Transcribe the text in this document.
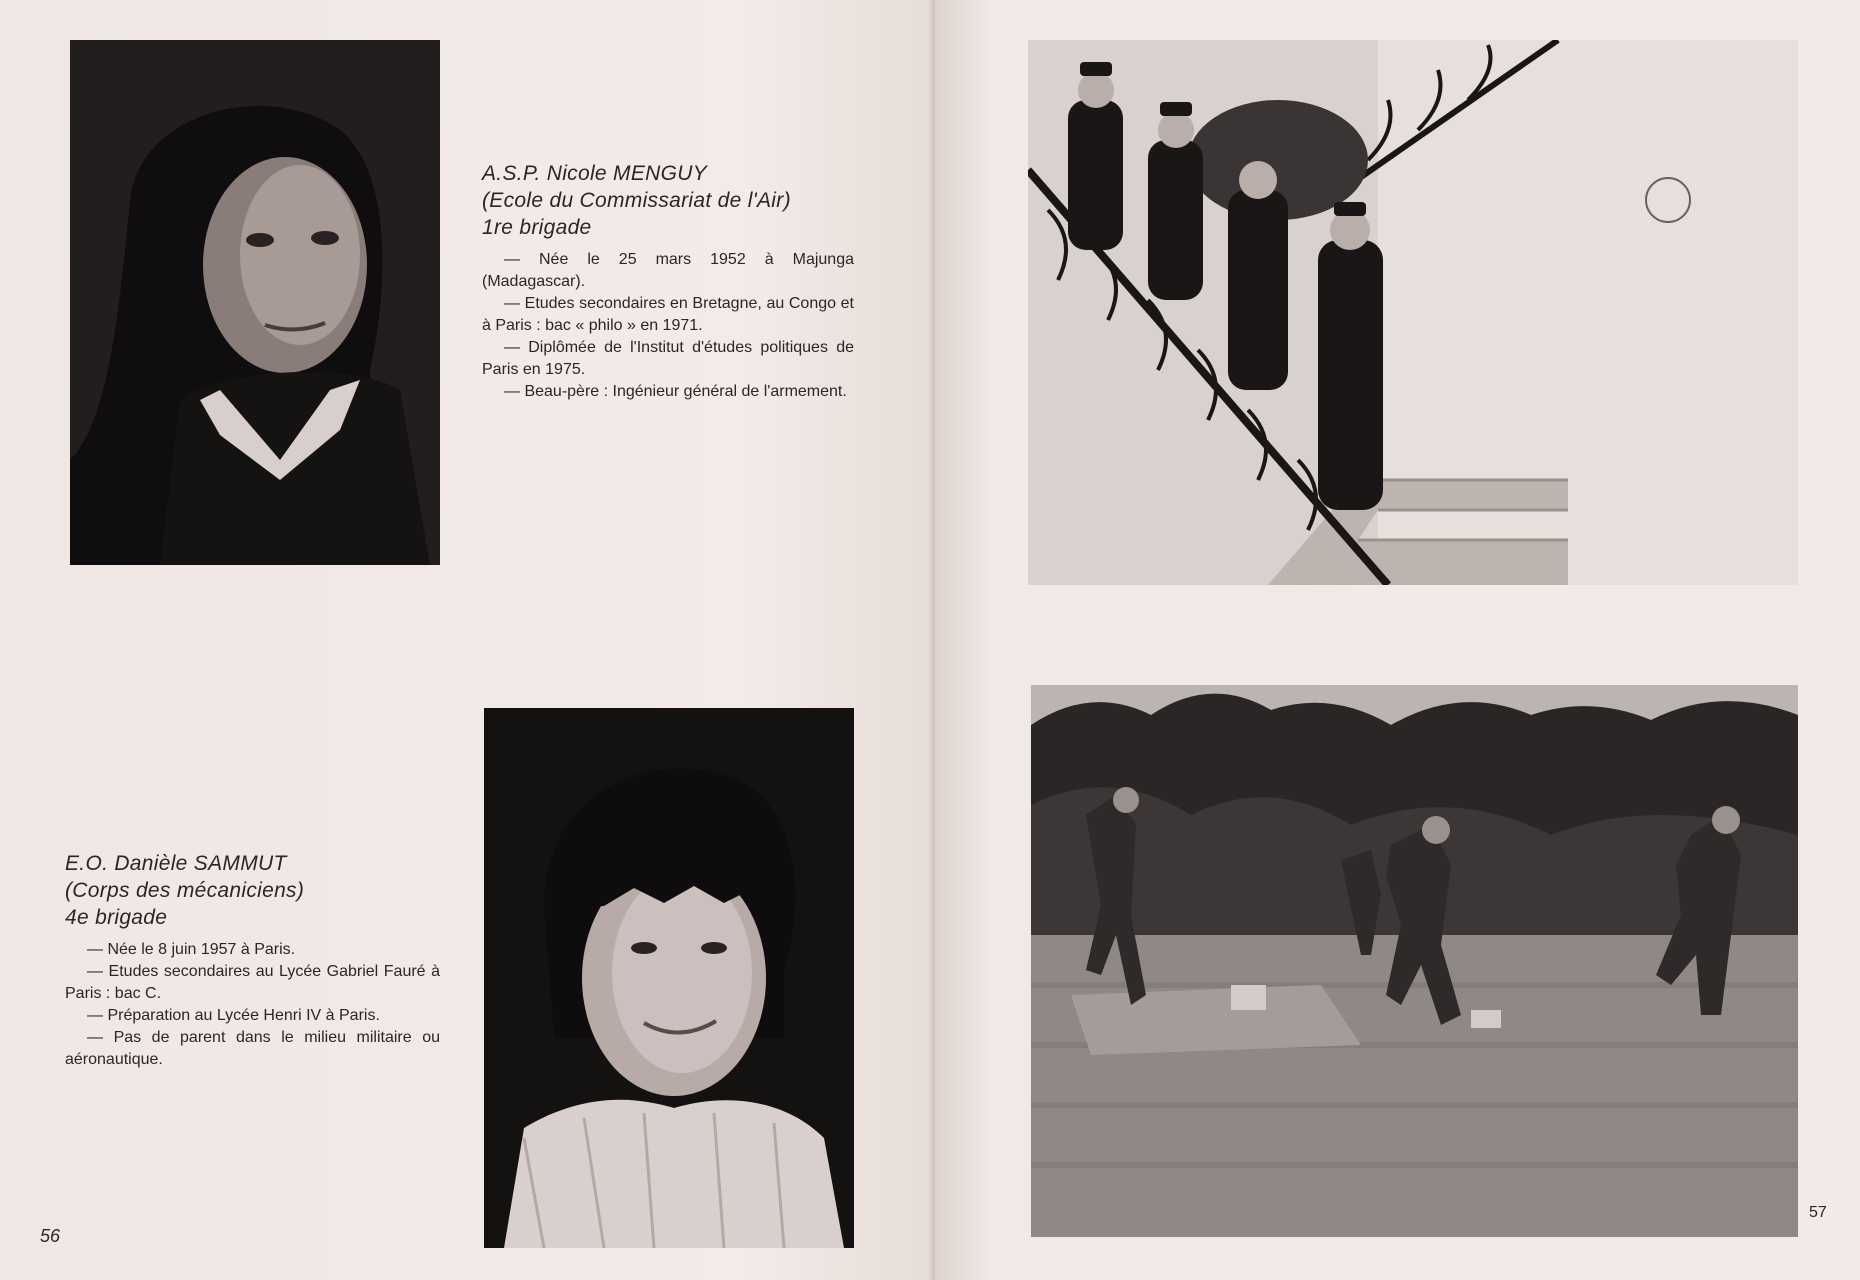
A.S.P. Nicole MENGUY
(Ecole du Commissariat de l'Air)
1re brigade

— Née le 25 mars 1952 à Majunga (Madagascar).

— Etudes secondaires en Bretagne, au Congo et à Paris : bac « philo » en 1971.

— Diplômée de l'Institut d'études politiques de Paris en 1975.

— Beau-père : Ingénieur général de l'armement.

E.O. Danièle SAMMUT
(Corps des mécaniciens)
4e brigade

— Née le 8 juin 1957 à Paris.

— Etudes secondaires au Lycée Gabriel Fauré à Paris : bac C.

— Préparation au Lycée Henri IV à Paris.

— Pas de parent dans le milieu militaire ou aéronautique.

56
57
